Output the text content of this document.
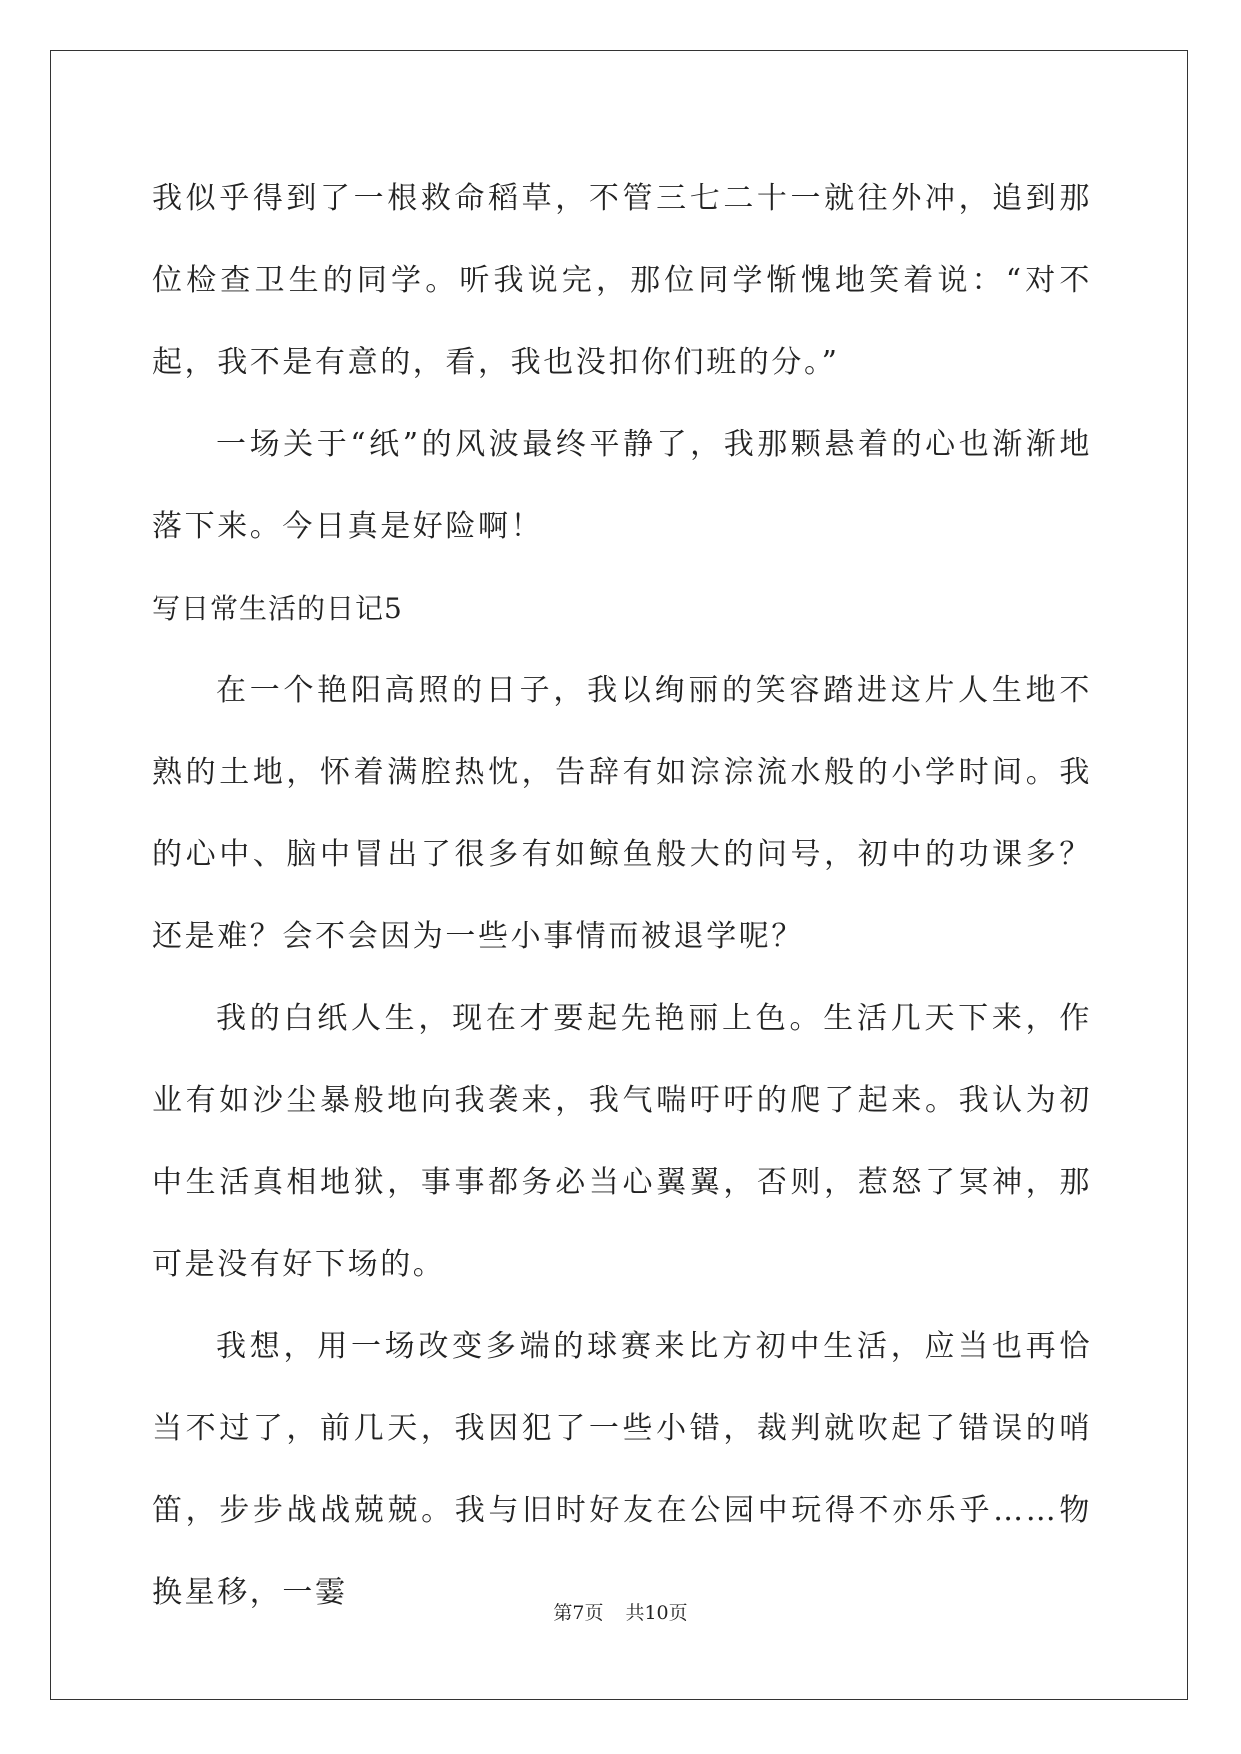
我似乎得到了一根救命稻草，不管三七二十一就往外冲，追到那位检查卫生的同学。听我说完，那位同学惭愧地笑着说：“对不起，我不是有意的，看，我也没扣你们班的分。”

一场关于“纸”的风波最终平静了，我那颗悬着的心也渐渐地落下来。今日真是好险啊！

写日常生活的日记5

在一个艳阳高照的日子，我以绚丽的笑容踏进这片人生地不熟的土地，怀着满腔热忱，告辞有如淙淙流水般的小学时间。我的心中、脑中冒出了很多有如鲸鱼般大的问号，初中的功课多？还是难？会不会因为一些小事情而被退学呢？

我的白纸人生，现在才要起先艳丽上色。生活几天下来，作业有如沙尘暴般地向我袭来，我气喘吁吁的爬了起来。我认为初中生活真相地狱，事事都务必当心翼翼，否则，惹怒了冥神，那可是没有好下场的。

我想，用一场改变多端的球赛来比方初中生活，应当也再恰当不过了，前几天，我因犯了一些小错，裁判就吹起了错误的哨笛，步步战战兢兢。我与旧时好友在公园中玩得不亦乐乎……物换星移，一霎

第7页 共10页
